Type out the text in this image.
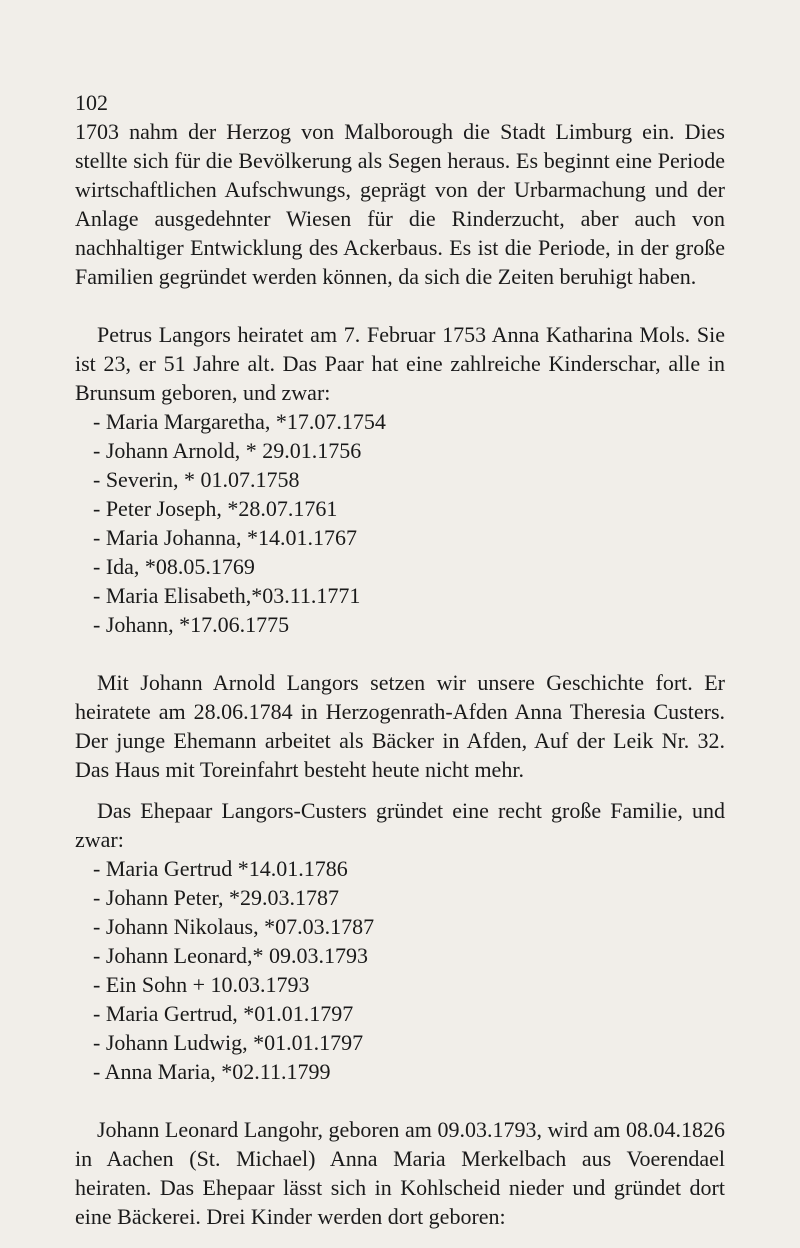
102

1703 nahm der Herzog von Malborough die Stadt Limburg ein. Dies stellte sich für die Bevölkerung als Segen heraus. Es beginnt eine Periode wirtschaftlichen Aufschwungs, geprägt von der Urbarmachung und der Anlage ausgedehnter Wiesen für die Rinderzucht, aber auch von nachhaltiger Entwicklung des Ackerbaus. Es ist die Periode, in der große Familien gegründet werden können, da sich die Zeiten beruhigt haben.

Petrus Langors heiratet am 7. Februar 1753 Anna Katharina Mols. Sie ist 23, er 51 Jahre alt. Das Paar hat eine zahlreiche Kinderschar, alle in Brunsum geboren, und zwar:

- Maria Margaretha, *17.07.1754
- Johann Arnold, * 29.01.1756
- Severin, * 01.07.1758
- Peter Joseph, *28.07.1761
- Maria Johanna, *14.01.1767
- Ida, *08.05.1769
- Maria Elisabeth,*03.11.1771
- Johann, *17.06.1775

Mit Johann Arnold Langors setzen wir unsere Geschichte fort. Er heiratete am 28.06.1784 in Herzogenrath-Afden Anna Theresia Custers. Der junge Ehemann arbeitet als Bäcker in Afden, Auf der Leik Nr. 32. Das Haus mit Toreinfahrt besteht heute nicht mehr.

Das Ehepaar Langors-Custers gründet eine recht große Familie, und zwar:

- Maria Gertrud *14.01.1786
- Johann Peter, *29.03.1787
- Johann Nikolaus, *07.03.1787
- Johann Leonard,* 09.03.1793
- Ein Sohn + 10.03.1793
- Maria Gertrud, *01.01.1797
- Johann Ludwig, *01.01.1797
- Anna Maria, *02.11.1799

Johann Leonard Langohr, geboren am 09.03.1793, wird am 08.04.1826 in Aachen (St. Michael) Anna Maria Merkelbach aus Voerendael heiraten. Das Ehepaar lässt sich in Kohlscheid nieder und gründet dort eine Bäckerei. Drei Kinder werden dort geboren:
